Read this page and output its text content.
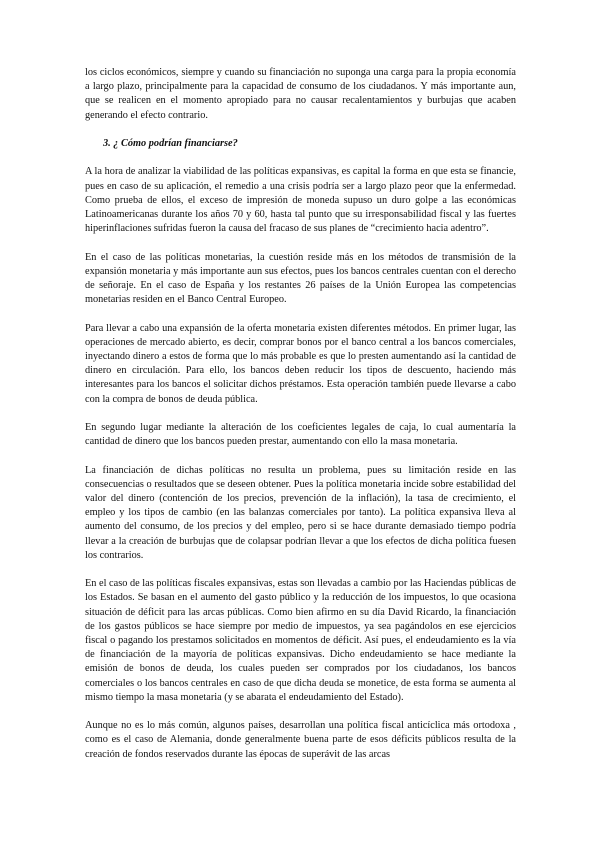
los ciclos económicos, siempre y cuando su financiación no suponga una carga para la propia economía a largo plazo, principalmente para la capacidad de consumo de los ciudadanos. Y más importante aun, que se realicen en el momento apropiado para no causar recalentamientos y burbujas que acaben generando el efecto contrario.

3. ¿ Cómo podrían financiarse?

A la hora de analizar la viabilidad de las políticas expansivas, es capital la forma en que esta se financie, pues en caso de su aplicación, el remedio a una crisis podría ser a largo plazo peor que la enfermedad. Como prueba de ellos, el exceso de impresión de moneda supuso un duro golpe a las económicas Latinoamericanas durante los años 70 y 60, hasta tal punto que su irresponsabilidad fiscal y las fuertes hiperinflaciones sufridas fueron la causa del fracaso de sus planes de “crecimiento hacia adentro”.

En el caso de las políticas monetarias, la cuestión reside más en los métodos de transmisión de la expansión monetaria y más importante aun sus efectos, pues los bancos centrales cuentan con el derecho de señoraje. En el caso de España y los restantes 26 países de la Unión Europea las competencias monetarias residen en el Banco Central Europeo.

Para llevar a cabo una expansión de la oferta monetaria existen diferentes métodos. En primer lugar, las operaciones de mercado abierto, es decir, comprar bonos por el banco central a los bancos comerciales, inyectando dinero a estos de forma que lo más probable es que lo presten aumentando así la cantidad de dinero en circulación. Para ello, los bancos deben reducir los tipos de descuento, haciendo más interesantes para los bancos el solicitar dichos préstamos. Esta operación también puede llevarse a cabo con la compra de bonos de deuda pública.

En segundo lugar mediante la alteración de los coeficientes legales de caja, lo cual aumentaría la cantidad de dinero que los bancos pueden prestar, aumentando con ello la masa monetaria.

La financiación de dichas políticas no resulta un problema, pues su limitación reside en las consecuencias o resultados que se deseen obtener. Pues la política monetaria incide sobre estabilidad del valor del dinero (contención de los precios, prevención de la inflación), la tasa de crecimiento, el empleo y los tipos de cambio (en las balanzas comerciales por tanto). La política expansiva lleva al aumento del consumo, de los precios y del empleo, pero si se hace durante demasiado tiempo podría llevar a la creación de burbujas que de colapsar podrían llevar a que los efectos de dicha política fuesen los contrarios.

En el caso de las políticas fiscales expansivas, estas son llevadas a cambio por las Haciendas públicas de los Estados. Se basan en el aumento del gasto público y la reducción de los impuestos, lo que ocasiona situación de déficit para las arcas públicas. Como bien afirmo en su día David Ricardo, la financiación de los gastos públicos se hace siempre por medio de impuestos, ya sea pagándolos en ese ejercicios fiscal o pagando los prestamos solicitados en momentos de déficit. Así pues, el endeudamiento es la vía de financiación de la mayoría de políticas expansivas. Dicho endeudamiento se hace mediante la emisión de bonos de deuda, los cuales pueden ser comprados por los ciudadanos, los bancos comerciales o los bancos centrales en caso de que dicha deuda se monetice, de esta forma se aumenta al mismo tiempo la masa monetaria (y se abarata el endeudamiento del Estado).

Aunque no es lo más común, algunos países, desarrollan una política fiscal anticíclica más ortodoxa , como es el caso de Alemania, donde generalmente buena parte de esos déficits públicos resulta de la creación de fondos reservados durante las épocas de superávit de las arcas
